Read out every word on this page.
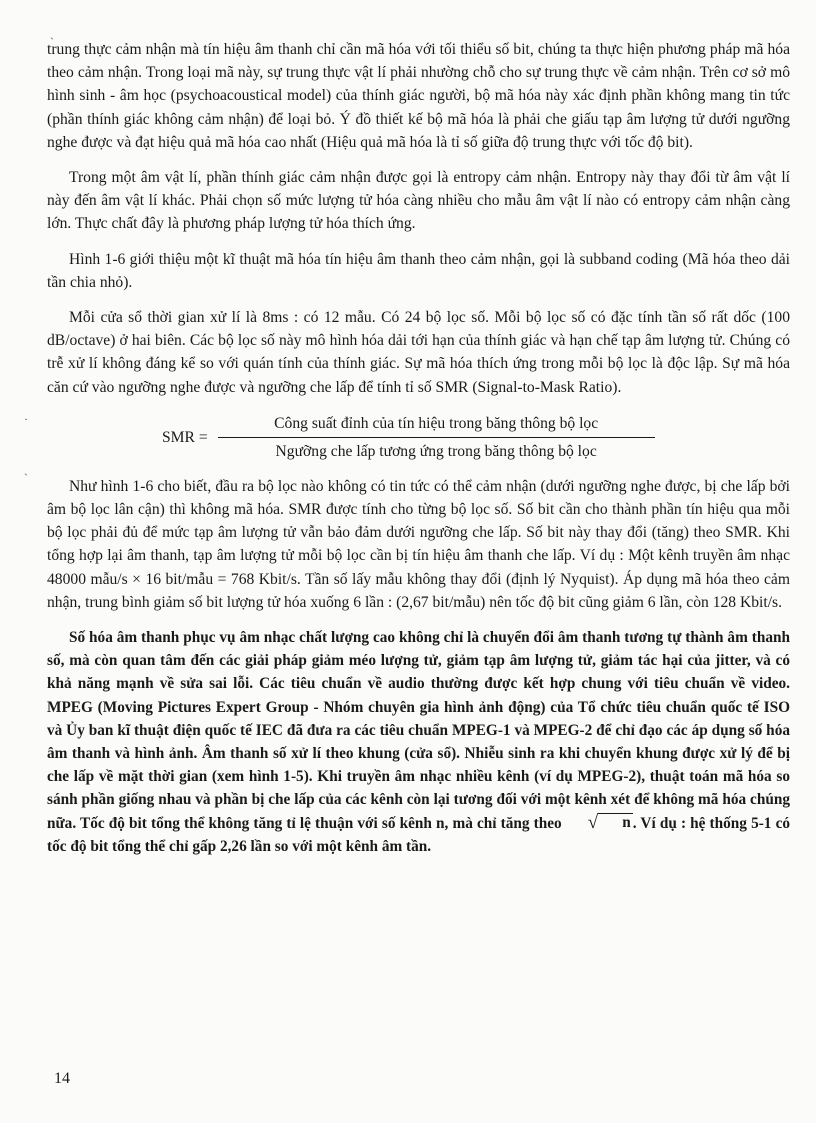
trung thực cảm nhận mà tín hiệu âm thanh chỉ cần mã hóa với tối thiểu số bit, chúng ta thực hiện phương pháp mã hóa theo cảm nhận. Trong loại mã này, sự trung thực vật lí phải nhường chỗ cho sự trung thực về cảm nhận. Trên cơ sở mô hình sinh - âm học (psychoacoustical model) của thính giác người, bộ mã hóa này xác định phần không mang tin tức (phần thính giác không cảm nhận) để loại bỏ. Ý đồ thiết kế bộ mã hóa là phải che giấu tạp âm lượng tử dưới ngưỡng nghe được và đạt hiệu quả mã hóa cao nhất (Hiệu quả mã hóa là tỉ số giữa độ trung thực với tốc độ bit).

Trong một âm vật lí, phần thính giác cảm nhận được gọi là entropy cảm nhận. Entropy này thay đổi từ âm vật lí này đến âm vật lí khác. Phải chọn số mức lượng tử hóa càng nhiều cho mẫu âm vật lí nào có entropy cảm nhận càng lớn. Thực chất đây là phương pháp lượng tử hóa thích ứng.

Hình 1-6 giới thiệu một kĩ thuật mã hóa tín hiệu âm thanh theo cảm nhận, gọi là subband coding (Mã hóa theo dải tần chia nhỏ).

Mỗi cửa sổ thời gian xử lí là 8ms : có 12 mẫu. Có 24 bộ lọc số. Mỗi bộ lọc số có đặc tính tần số rất dốc (100 dB/octave) ở hai biên. Các bộ lọc số này mô hình hóa dải tới hạn của thính giác và hạn chế tạp âm lượng tử. Chúng có trễ xử lí không đáng kể so với quán tính của thính giác. Sự mã hóa thích ứng trong mỗi bộ lọc là độc lập. Sự mã hóa căn cứ vào ngưỡng nghe được và ngưỡng che lấp để tính tỉ số SMR (Signal-to-Mask Ratio).

SMR = $\frac{\text{Công suất đỉnh của tín hiệu trong băng thông bộ lọc}}{\text{Ngưỡng che lấp tương ứng trong băng thông bộ lọc}}$

Như hình 1-6 cho biết, đầu ra bộ lọc nào không có tin tức có thể cảm nhận (dưới ngưỡng nghe được, bị che lấp bởi âm bộ lọc lân cận) thì không mã hóa. SMR được tính cho từng bộ lọc số. Số bit cần cho thành phần tín hiệu qua mỗi bộ lọc phải đủ để mức tạp âm lượng tử vẫn bảo đảm dưới ngưỡng che lấp. Số bit này thay đổi (tăng) theo SMR. Khi tổng hợp lại âm thanh, tạp âm lượng tử mỗi bộ lọc cần bị tín hiệu âm thanh che lấp. Ví dụ : Một kênh truyền âm nhạc 48000 mẫu/s × 16 bit/mẫu = 768 Kbit/s. Tần số lấy mẫu không thay đổi (định lý Nyquist). Áp dụng mã hóa theo cảm nhận, trung bình giảm số bit lượng tử hóa xuống 6 lần : (2,67 bit/mẫu) nên tốc độ bit cũng giảm 6 lần, còn 128 Kbit/s.

Số hóa âm thanh phục vụ âm nhạc chất lượng cao không chỉ là chuyển đổi âm thanh tương tự thành âm thanh số, mà còn quan tâm đến các giải pháp giảm méo lượng tử, giảm tạp âm lượng tử, giảm tác hại của jitter, và có khả năng mạnh về sửa sai lỗi. Các tiêu chuẩn về audio thường được kết hợp chung với tiêu chuẩn về video. MPEG (Moving Pictures Expert Group - Nhóm chuyên gia hình ảnh động) của Tổ chức tiêu chuẩn quốc tế ISO và Ủy ban kĩ thuật điện quốc tế IEC đã đưa ra các tiêu chuẩn MPEG-1 và MPEG-2 để chỉ đạo các áp dụng số hóa âm thanh và hình ảnh. Âm thanh số xử lí theo khung (cửa sổ). Nhiễu sinh ra khi chuyển khung được xử lý để bị che lấp về mặt thời gian (xem hình 1-5). Khi truyền âm nhạc nhiều kênh (ví dụ MPEG-2), thuật toán mã hóa so sánh phần giống nhau và phần bị che lấp của các kênh còn lại tương đối với một kênh xét để không mã hóa chúng nữa. Tốc độ bit tổng thể không tăng tỉ lệ thuận với số kênh n, mà chỉ tăng theo	√	n . Ví dụ : hệ thống 5-1 có tốc độ bit tổng thể chỉ gấp 2,26 lần so với một kênh âm tần.

14
ˎ
·
ˎ
